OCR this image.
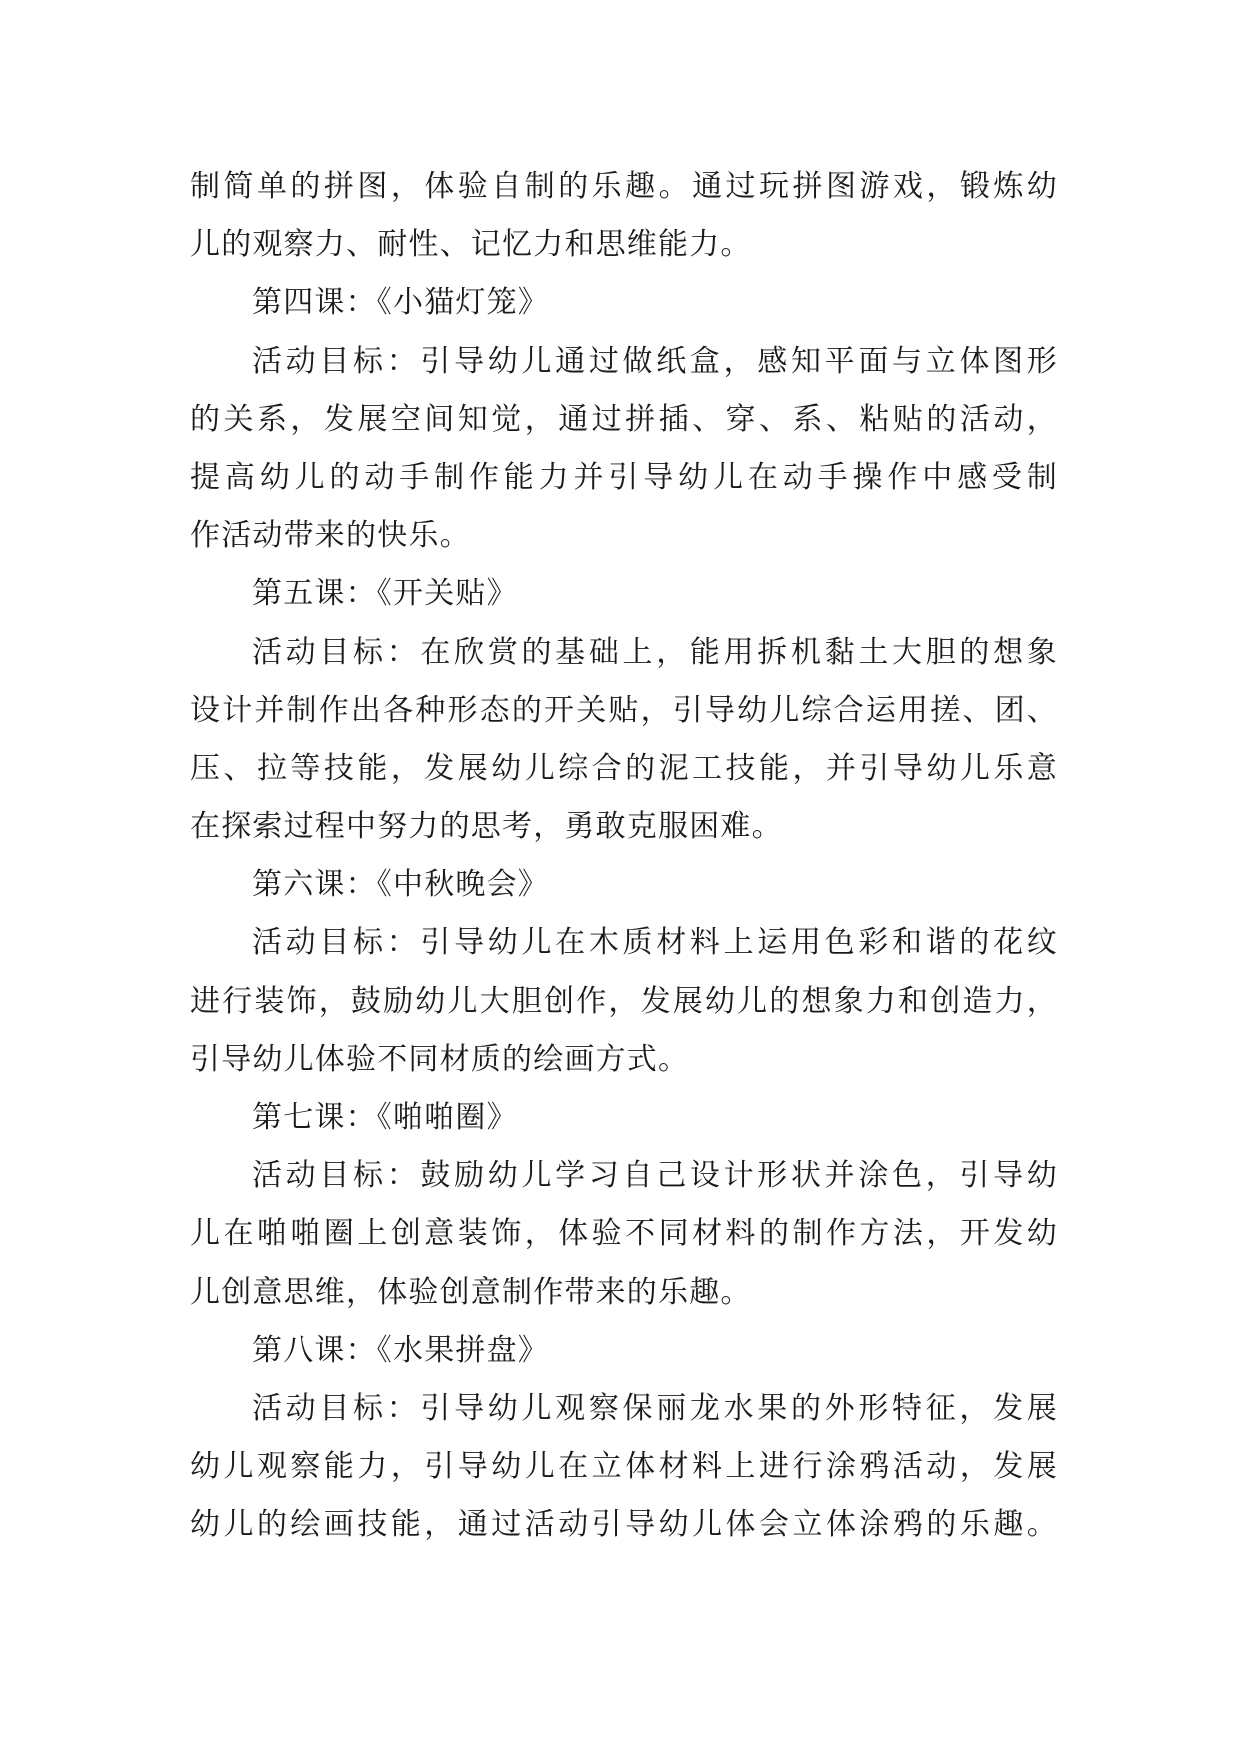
制简单的拼图，体验自制的乐趣。通过玩拼图游戏，锻炼幼
儿的观察力、耐性、记忆力和思维能力。
第四课：《小猫灯笼》
活动目标：引导幼儿通过做纸盒，感知平面与立体图形
的关系，发展空间知觉，通过拼插、穿、系、粘贴的活动，
提高幼儿的动手制作能力并引导幼儿在动手操作中感受制
作活动带来的快乐。
第五课：《开关贴》
活动目标：在欣赏的基础上，能用拆机黏土大胆的想象
设计并制作出各种形态的开关贴，引导幼儿综合运用搓、团、
压、拉等技能，发展幼儿综合的泥工技能，并引导幼儿乐意
在探索过程中努力的思考，勇敢克服困难。
第六课：《中秋晚会》
活动目标：引导幼儿在木质材料上运用色彩和谐的花纹
进行装饰，鼓励幼儿大胆创作，发展幼儿的想象力和创造力，
引导幼儿体验不同材质的绘画方式。
第七课：《啪啪圈》
活动目标：鼓励幼儿学习自己设计形状并涂色，引导幼
儿在啪啪圈上创意装饰，体验不同材料的制作方法，开发幼
儿创意思维，体验创意制作带来的乐趣。
第八课：《水果拼盘》
活动目标：引导幼儿观察保丽龙水果的外形特征，发展
幼儿观察能力，引导幼儿在立体材料上进行涂鸦活动，发展
幼儿的绘画技能，通过活动引导幼儿体会立体涂鸦的乐趣。
